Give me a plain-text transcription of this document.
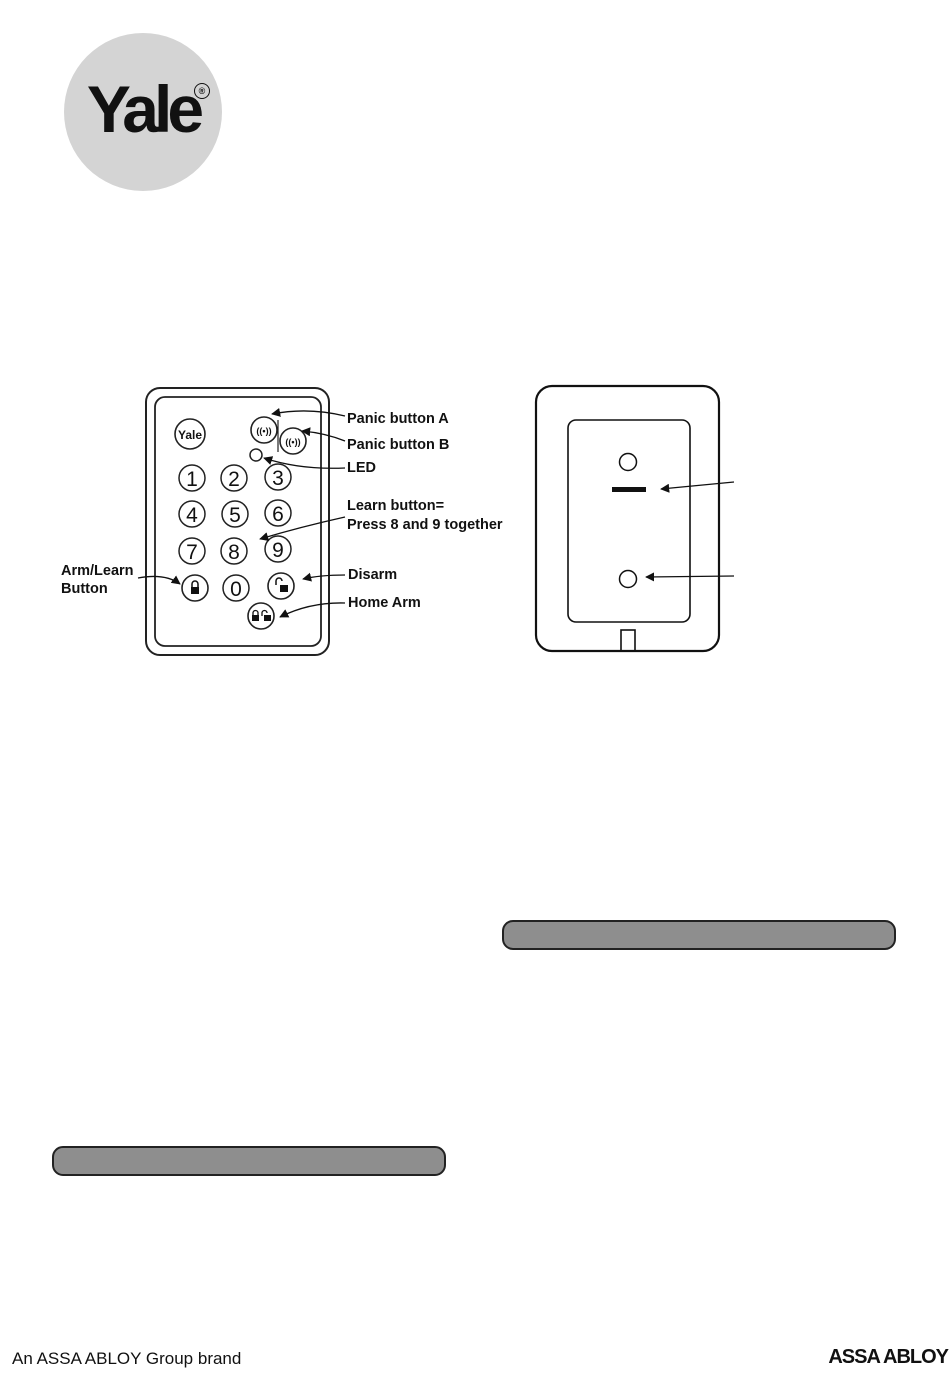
Yale ®
Yale	((•))
((•))
1 2 3
4 5 6
7 8 9
0
Panic button A
Panic button B
LED
Learn button=
Press 8 and 9 together
Disarm
Home Arm
Arm/Learn
Button
An ASSA ABLOY Group brand	ASSA ABLOY
